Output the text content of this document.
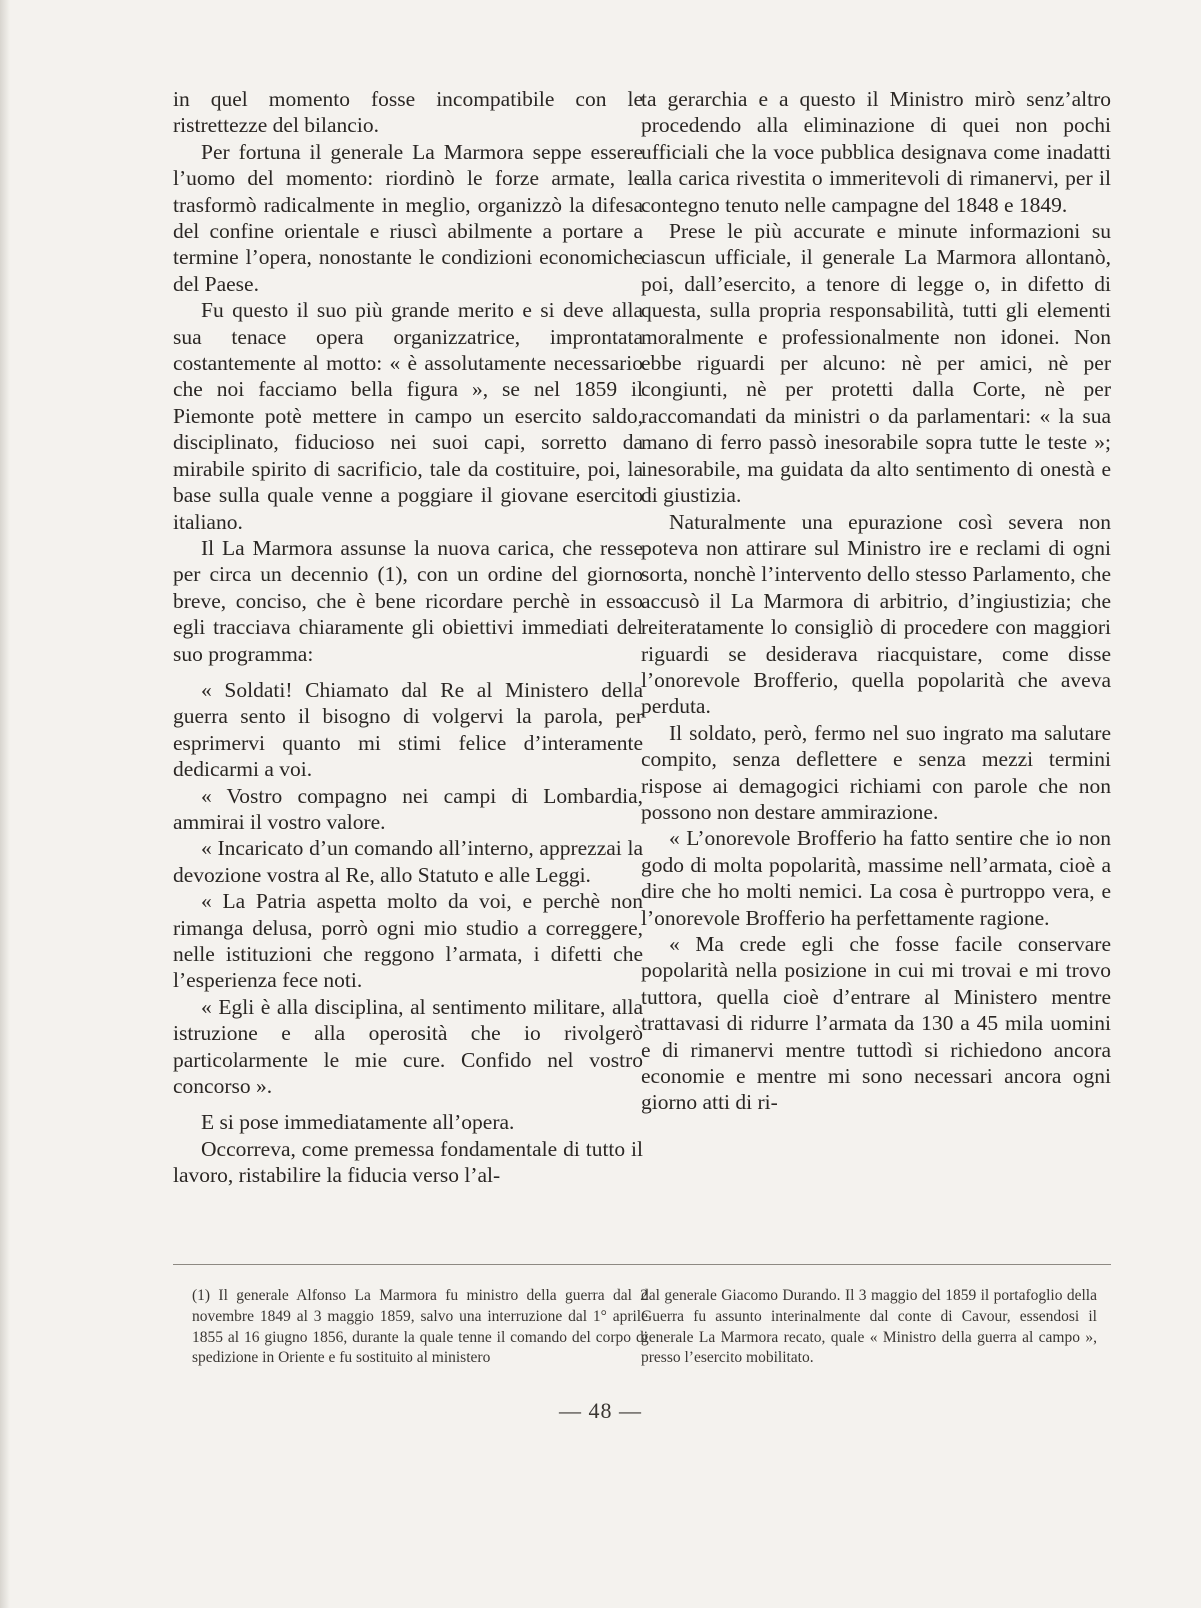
in quel momento fosse incompatibile con le ristrettezze del bilancio.

Per fortuna il generale La Marmora seppe essere l’uomo del momento: riordinò le forze armate, le trasformò radicalmente in meglio, organizzò la difesa del confine orientale e riuscì abilmente a portare a termine l’opera, nonostante le condizioni economiche del Paese.

Fu questo il suo più grande merito e si deve alla sua tenace opera organizzatrice, improntata costantemente al motto: « è assolutamente necessario che noi facciamo bella figura », se nel 1859 il Piemonte potè mettere in campo un esercito saldo, disciplinato, fiducioso nei suoi capi, sorretto da mirabile spirito di sacrificio, tale da costituire, poi, la base sulla quale venne a poggiare il giovane esercito italiano.

Il La Marmora assunse la nuova carica, che resse per circa un decennio (1), con un ordine del giorno breve, conciso, che è bene ricordare perchè in esso egli tracciava chiaramente gli obiettivi immediati del suo programma:

« Soldati! Chiamato dal Re al Ministero della guerra sento il bisogno di volgervi la parola, per esprimervi quanto mi stimi felice d’interamente dedicarmi a voi.

« Vostro compagno nei campi di Lombardia, ammirai il vostro valore.

« Incaricato d’un comando all’interno, apprezzai la devozione vostra al Re, allo Statuto e alle Leggi.

« La Patria aspetta molto da voi, e perchè non rimanga delusa, porrò ogni mio studio a correggere, nelle istituzioni che reggono l’armata, i difetti che l’esperienza fece noti.

« Egli è alla disciplina, al sentimento militare, alla istruzione e alla operosità che io rivolgerò particolarmente le mie cure. Confido nel vostro concorso ».

E si pose immediatamente all’opera.

Occorreva, come premessa fondamentale di tutto il lavoro, ristabilire la fiducia verso l’al-

ta gerarchia e a questo il Ministro mirò senz’altro procedendo alla eliminazione di quei non pochi ufficiali che la voce pubblica designava come inadatti alla carica rivestita o immeritevoli di rimanervi, per il contegno tenuto nelle campagne del 1848 e 1849.

Prese le più accurate e minute informazioni su ciascun ufficiale, il generale La Marmora allontanò, poi, dall’esercito, a tenore di legge o, in difetto di questa, sulla propria responsabilità, tutti gli elementi moralmente e professionalmente non idonei. Non ebbe riguardi per alcuno: nè per amici, nè per congiunti, nè per protetti dalla Corte, nè per raccomandati da ministri o da parlamentari: « la sua mano di ferro passò inesorabile sopra tutte le teste »; inesorabile, ma guidata da alto sentimento di onestà e di giustizia.

Naturalmente una epurazione così severa non poteva non attirare sul Ministro ire e reclami di ogni sorta, nonchè l’intervento dello stesso Parlamento, che accusò il La Marmora di arbitrio, d’ingiustizia; che reiteratamente lo consigliò di procedere con maggiori riguardi se desiderava riacquistare, come disse l’onorevole Brofferio, quella popolarità che aveva perduta.

Il soldato, però, fermo nel suo ingrato ma salutare compito, senza deflettere e senza mezzi termini rispose ai demagogici richiami con parole che non possono non destare ammirazione.

« L’onorevole Brofferio ha fatto sentire che io non godo di molta popolarità, massime nell’armata, cioè a dire che ho molti nemici. La cosa è purtroppo vera, e l’onorevole Brofferio ha perfettamente ragione.

« Ma crede egli che fosse facile conservare popolarità nella posizione in cui mi trovai e mi trovo tuttora, quella cioè d’entrare al Ministero mentre trattavasi di ridurre l’armata da 130 a 45 mila uomini e di rimanervi mentre tuttodì si richiedono ancora economie e mentre mi sono necessari ancora ogni giorno atti di ri-

(1) Il generale Alfonso La Marmora fu ministro della guerra dal 2 novembre 1849 al 3 maggio 1859, salvo una interruzione dal 1° aprile 1855 al 16 giugno 1856, durante la quale tenne il comando del corpo di spedizione in Oriente e fu sostituito al ministero

dal generale Giacomo Durando. Il 3 maggio del 1859 il portafoglio della Guerra fu assunto interinalmente dal conte di Cavour, essendosi il generale La Marmora recato, quale « Ministro della guerra al campo », presso l’esercito mobilitato.

— 48 —
